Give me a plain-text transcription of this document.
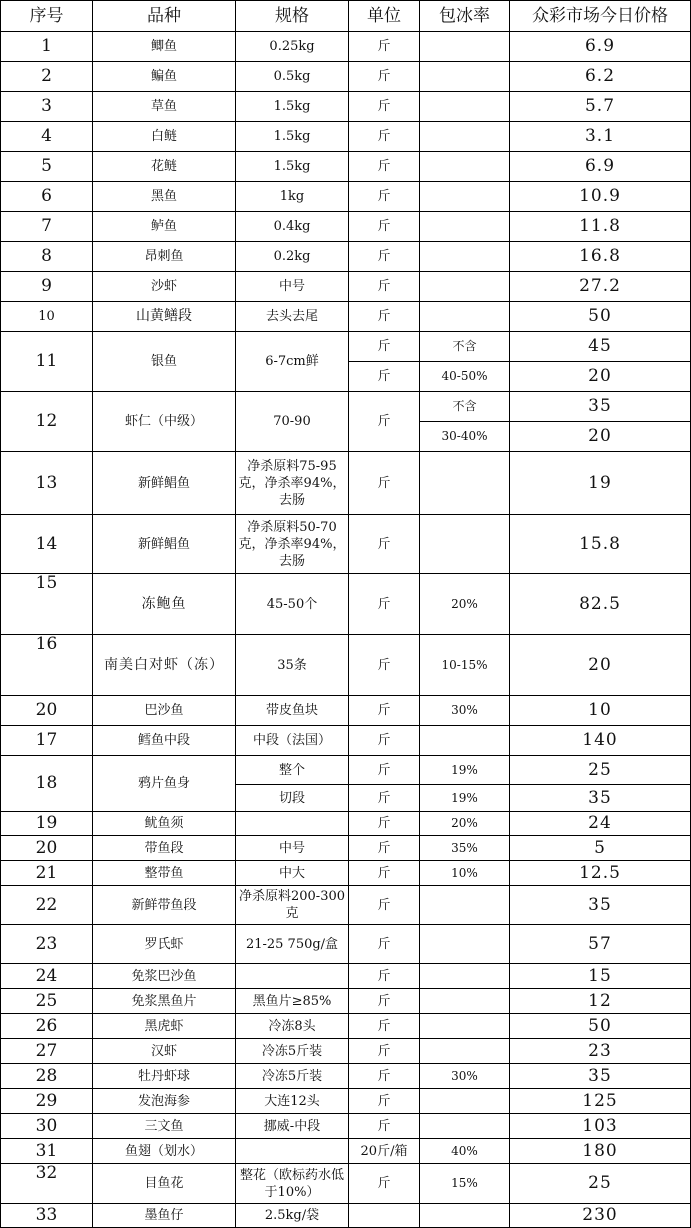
序号	品种	规格	单位	包冰率	众彩市场今日价格
1	鲫鱼	0.25kg	斤		6.9
2	鳊鱼	0.5kg	斤		6.2
3	草鱼	1.5kg	斤		5.7
4	白鲢	1.5kg	斤		3.1
5	花鲢	1.5kg	斤		6.9
6	黑鱼	1kg	斤		10.9
7	鲈鱼	0.4kg	斤		11.8
8	昂刺鱼	0.2kg	斤		16.8
9	沙虾	中号	斤		27.2
10	山黄鳝段	去头去尾	斤		50
11	银鱼	6-7cm鲜	斤	不含	45
			斤	40-50%	20
12	虾仁（中级）	70-90	斤	不含	35
				30-40%	20
13	新鲜鲳鱼	净杀原料75-95克，净杀率94%，去肠	斤		19
14	新鲜鲳鱼	净杀原料50-70克，净杀率94%，去肠	斤		15.8
15	冻鲍鱼	45-50个	斤	20%	82.5
16	南美白对虾（冻）	35条	斤	10-15%	20
20	巴沙鱼	带皮鱼块	斤	30%	10
17	鳕鱼中段	中段（法国）	斤		140
18	鸦片鱼身	整个	斤	19%	25
		切段	斤	19%	35
19	鱿鱼须		斤	20%	24
20	带鱼段	中号	斤	35%	5
21	整带鱼	中大	斤	10%	12.5
22	新鲜带鱼段	净杀原料200-300克	斤		35
23	罗氏虾	21-25 750g/盒	斤		57
24	免浆巴沙鱼		斤		15
25	免浆黑鱼片	黑鱼片≥85%	斤		12
26	黑虎虾	冷冻8头	斤		50
27	汉虾	冷冻5斤装	斤		23
28	牡丹虾球	冷冻5斤装	斤	30%	35
29	发泡海参	大连12头	斤		125
30	三文鱼	挪威-中段	斤		103
31	鱼翅（划水）		20斤/箱	40%	180
32	目鱼花	整花（欧标药水低于10%）	斤	15%	25
33	墨鱼仔	2.5kg/袋			230
